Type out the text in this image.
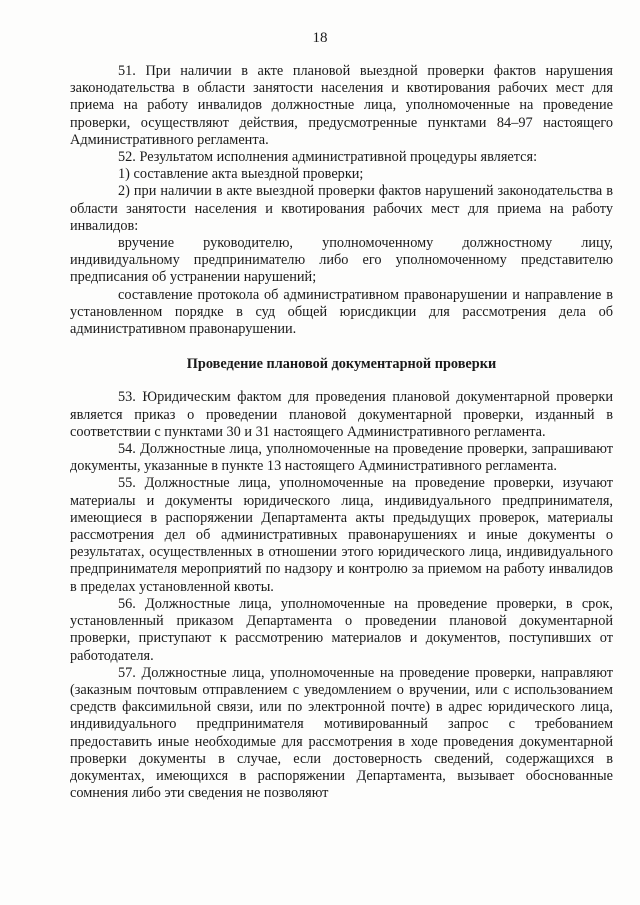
18

51. При наличии в акте плановой выездной проверки фактов нарушения законодательства в области занятости населения и квотирования рабочих мест для приема на работу инвалидов должностные лица, уполномоченные на проведение проверки, осуществляют действия, предусмотренные пунктами 84–97 настоящего Административного регламента.

52. Результатом исполнения административной процедуры является:

1) составление акта выездной проверки;

2) при наличии в акте выездной проверки фактов нарушений законодательства в области занятости населения и квотирования рабочих мест для приема на работу инвалидов:

вручение руководителю, уполномоченному должностному лицу, индивидуальному предпринимателю либо его уполномоченному представителю предписания об устранении нарушений;

составление протокола об административном правонарушении и направление в установленном порядке в суд общей юрисдикции для рассмотрения дела об административном правонарушении.

Проведение плановой документарной проверки

53. Юридическим фактом для проведения плановой документарной проверки является приказ о проведении плановой документарной проверки, изданный в соответствии с пунктами 30 и 31 настоящего Административного регламента.

54. Должностные лица, уполномоченные на проведение проверки, запрашивают документы, указанные в пункте 13 настоящего Административного регламента.

55. Должностные лица, уполномоченные на проведение проверки, изучают материалы и документы юридического лица, индивидуального предпринимателя, имеющиеся в распоряжении Департамента акты предыдущих проверок, материалы рассмотрения дел об административных правонарушениях и иные документы о результатах, осуществленных в отношении этого юридического лица, индивидуального предпринимателя мероприятий по надзору и контролю за приемом на работу инвалидов в пределах установленной квоты.

56. Должностные лица, уполномоченные на проведение проверки, в срок, установленный приказом Департамента о проведении плановой документарной проверки, приступают к рассмотрению материалов и документов, поступивших от работодателя.

57. Должностные лица, уполномоченные на проведение проверки, направляют (заказным почтовым отправлением с уведомлением о вручении, или с использованием средств факсимильной связи, или по электронной почте) в адрес юридического лица, индивидуального предпринимателя мотивированный запрос с требованием предоставить иные необходимые для рассмотрения в ходе проведения документарной проверки документы в случае, если достоверность сведений, содержащихся в документах, имеющихся в распоряжении Департамента, вызывает обоснованные сомнения либо эти сведения не позволяют
